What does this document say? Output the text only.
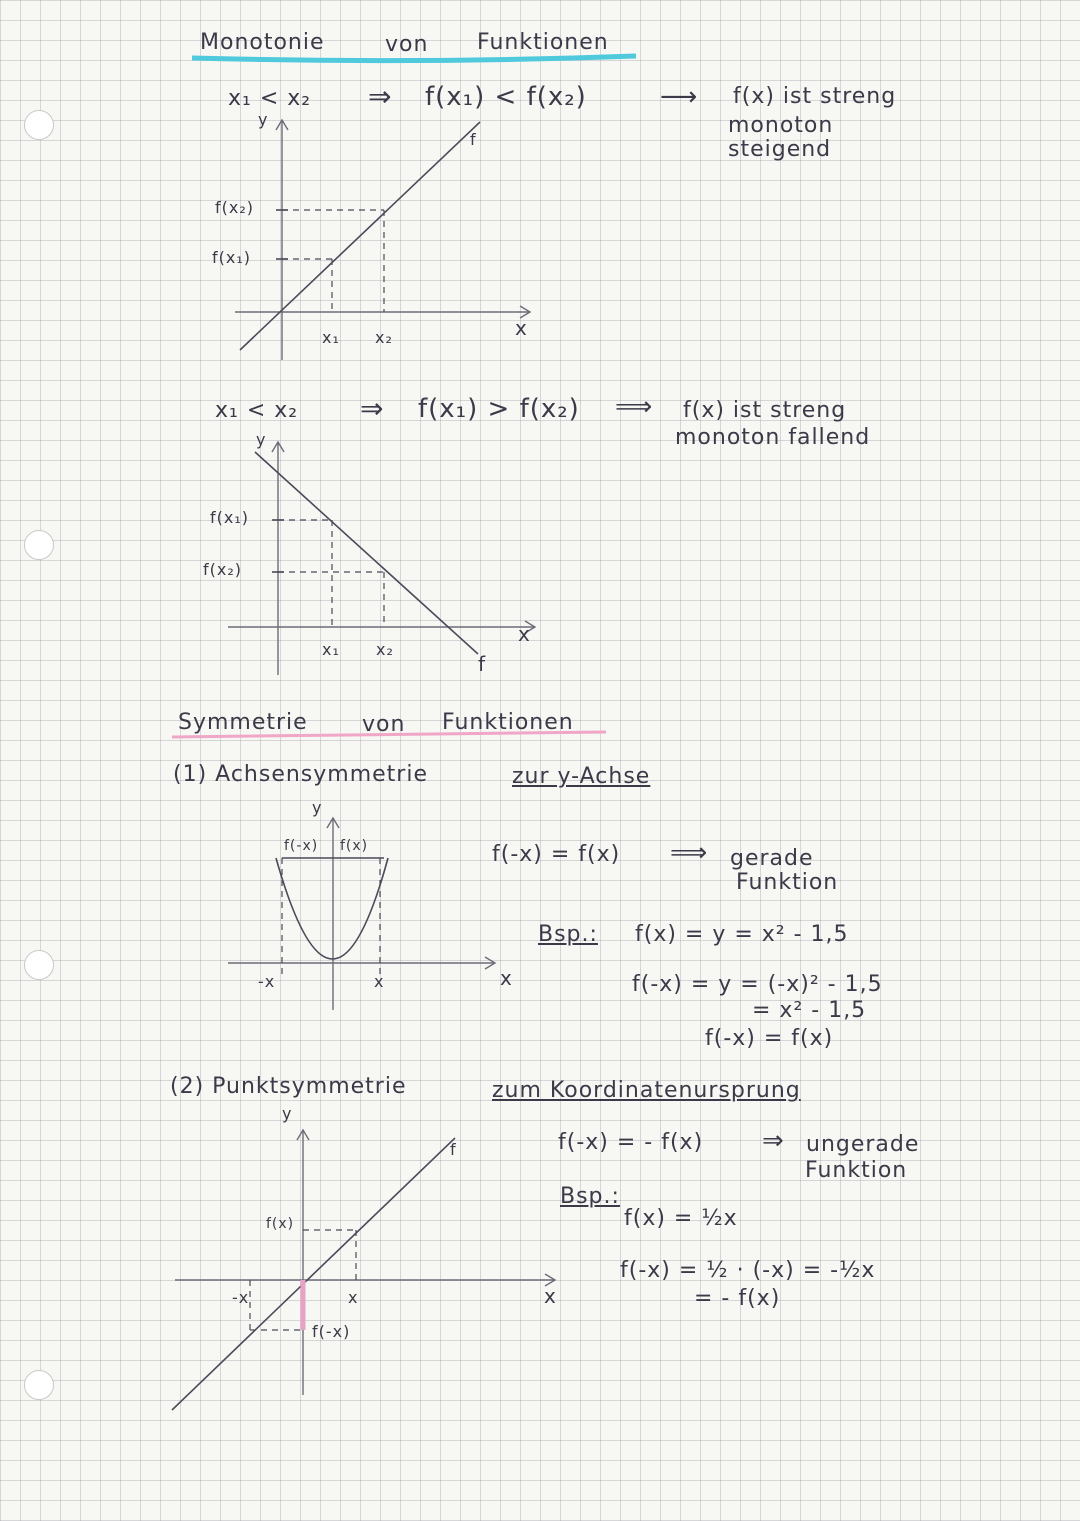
Monotonie	von Funktionen
x₁ < x₂ ⇒ f(x₁) < f(x₂)	⟶ f(x) ist streng
monoton
steigend
y
f
f(x₂)
f(x₁)
x₁ x₂	x
x₁ < x₂ ⇒ f(x₁) > f(x₂) ⟹ f(x) ist streng
monoton fallend
y
f(x₁)
f(x₂)
x₁ x₂
x
f
Symmetrie von Funktionen
(1) Achsensymmetrie	zur y-Achse
y
f(-x) f(x)
-x	x	x
f(-x) = f(x) ⟹ gerade
Funktion
Bsp.: f(x) = y = x² - 1,5
f(-x) = y = (-x)² - 1,5
= x² - 1,5
f(-x) = f(x)
(2) Punktsymmetrie	zum Koordinatenursprung
y
f
f(x)
-x	x
f(-x)
x
f(-x) = - f(x) ⇒ ungerade
Funktion
Bsp.:
f(x) = ½x
f(-x) = ½ · (-x) = -½x
= - f(x)
